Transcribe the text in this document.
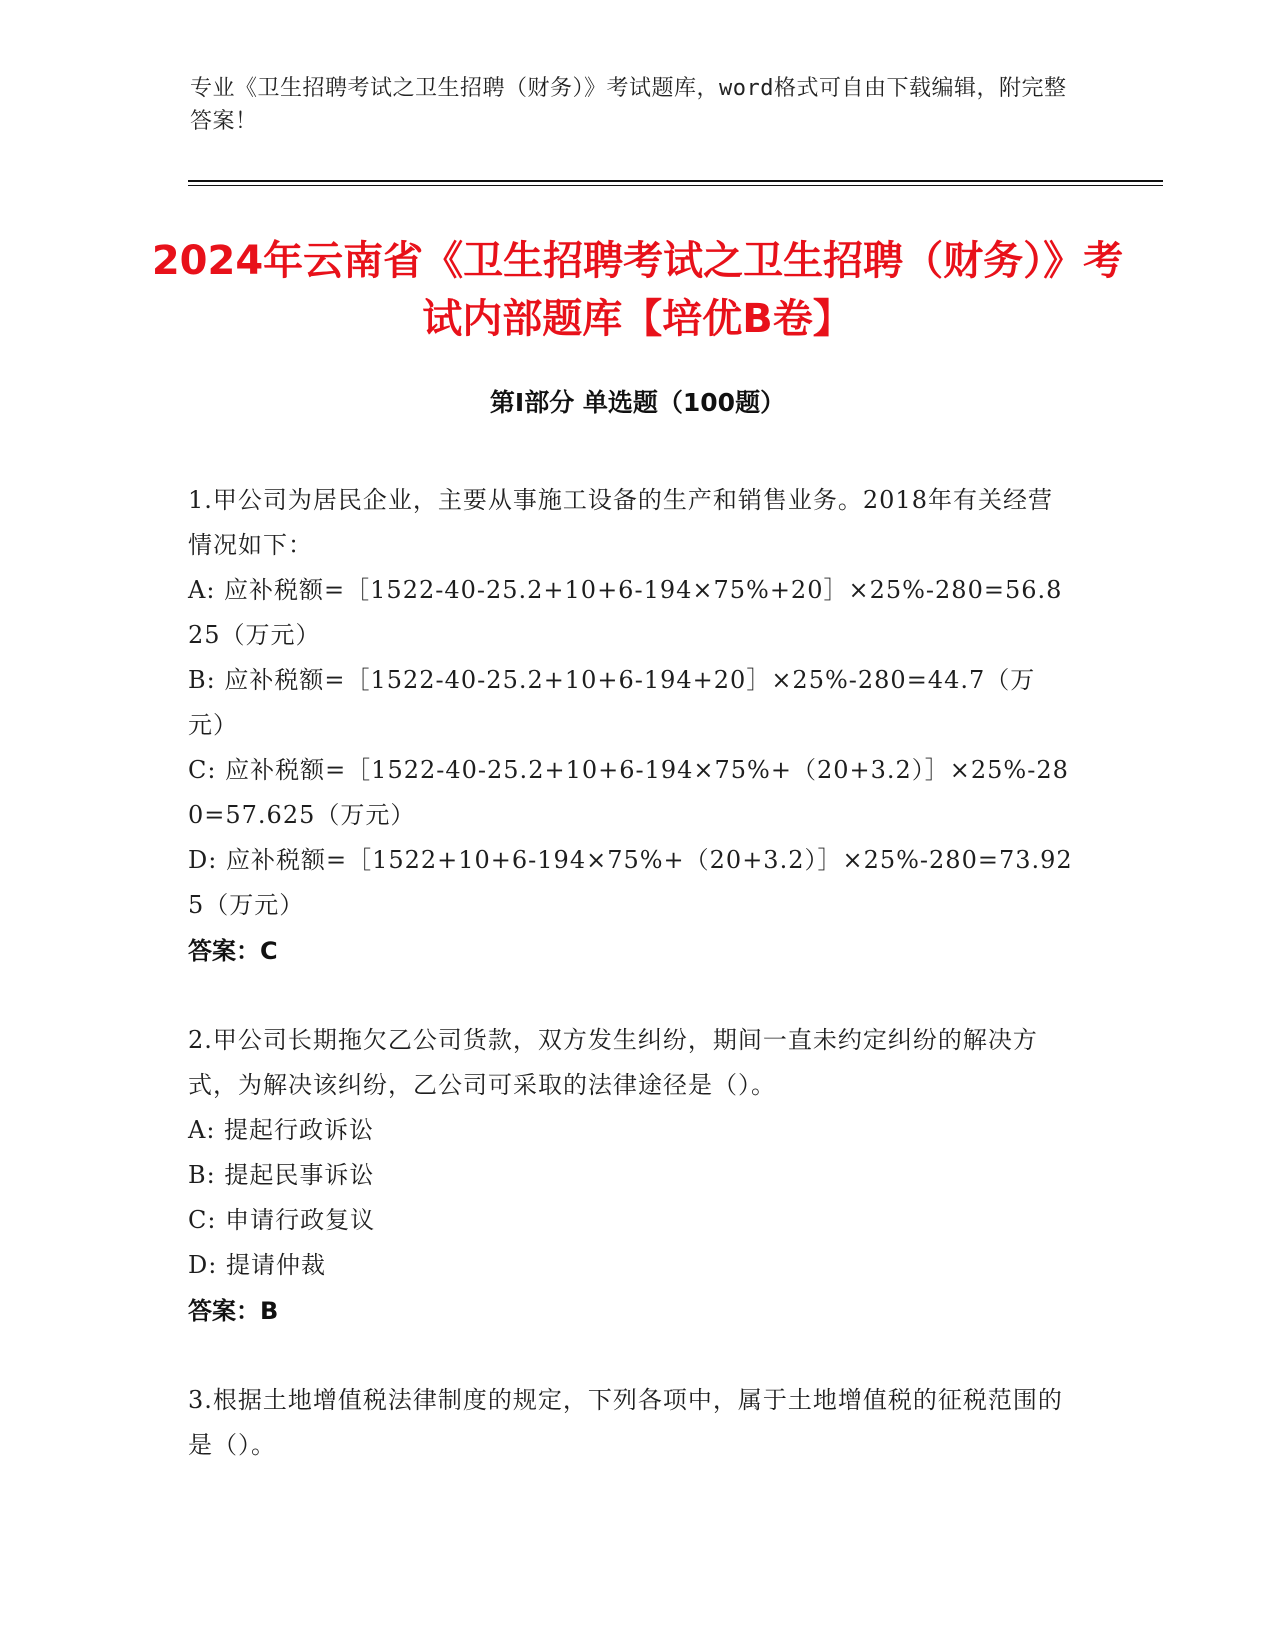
专业《卫生招聘考试之卫生招聘（财务）》考试题库，word格式可自由下载编辑，附完整答案！
2024年云南省《卫生招聘考试之卫生招聘（财务）》考试内部题库【培优B卷】
第I部分 单选题（100题）

1.甲公司为居民企业，主要从事施工设备的生产和销售业务。2018年有关经营情况如下：

A: 应补税额=［1522-40-25.2+10+6-194×75%+20］×25%-280=56.825（万元）

B: 应补税额=［1522-40-25.2+10+6-194+20］×25%-280=44.7（万元）

C: 应补税额=［1522-40-25.2+10+6-194×75%+（20+3.2）］×25%-280=57.625（万元）

D: 应补税额=［1522+10+6-194×75%+（20+3.2）］×25%-280=73.925（万元）

答案：C

2.甲公司长期拖欠乙公司货款，双方发生纠纷，期间一直未约定纠纷的解决方式，为解决该纠纷，乙公司可采取的法律途径是（）。

A: 提起行政诉讼

B: 提起民事诉讼

C: 申请行政复议

D: 提请仲裁

答案：B

3.根据土地增值税法律制度的规定，下列各项中，属于土地增值税的征税范围的是（）。
